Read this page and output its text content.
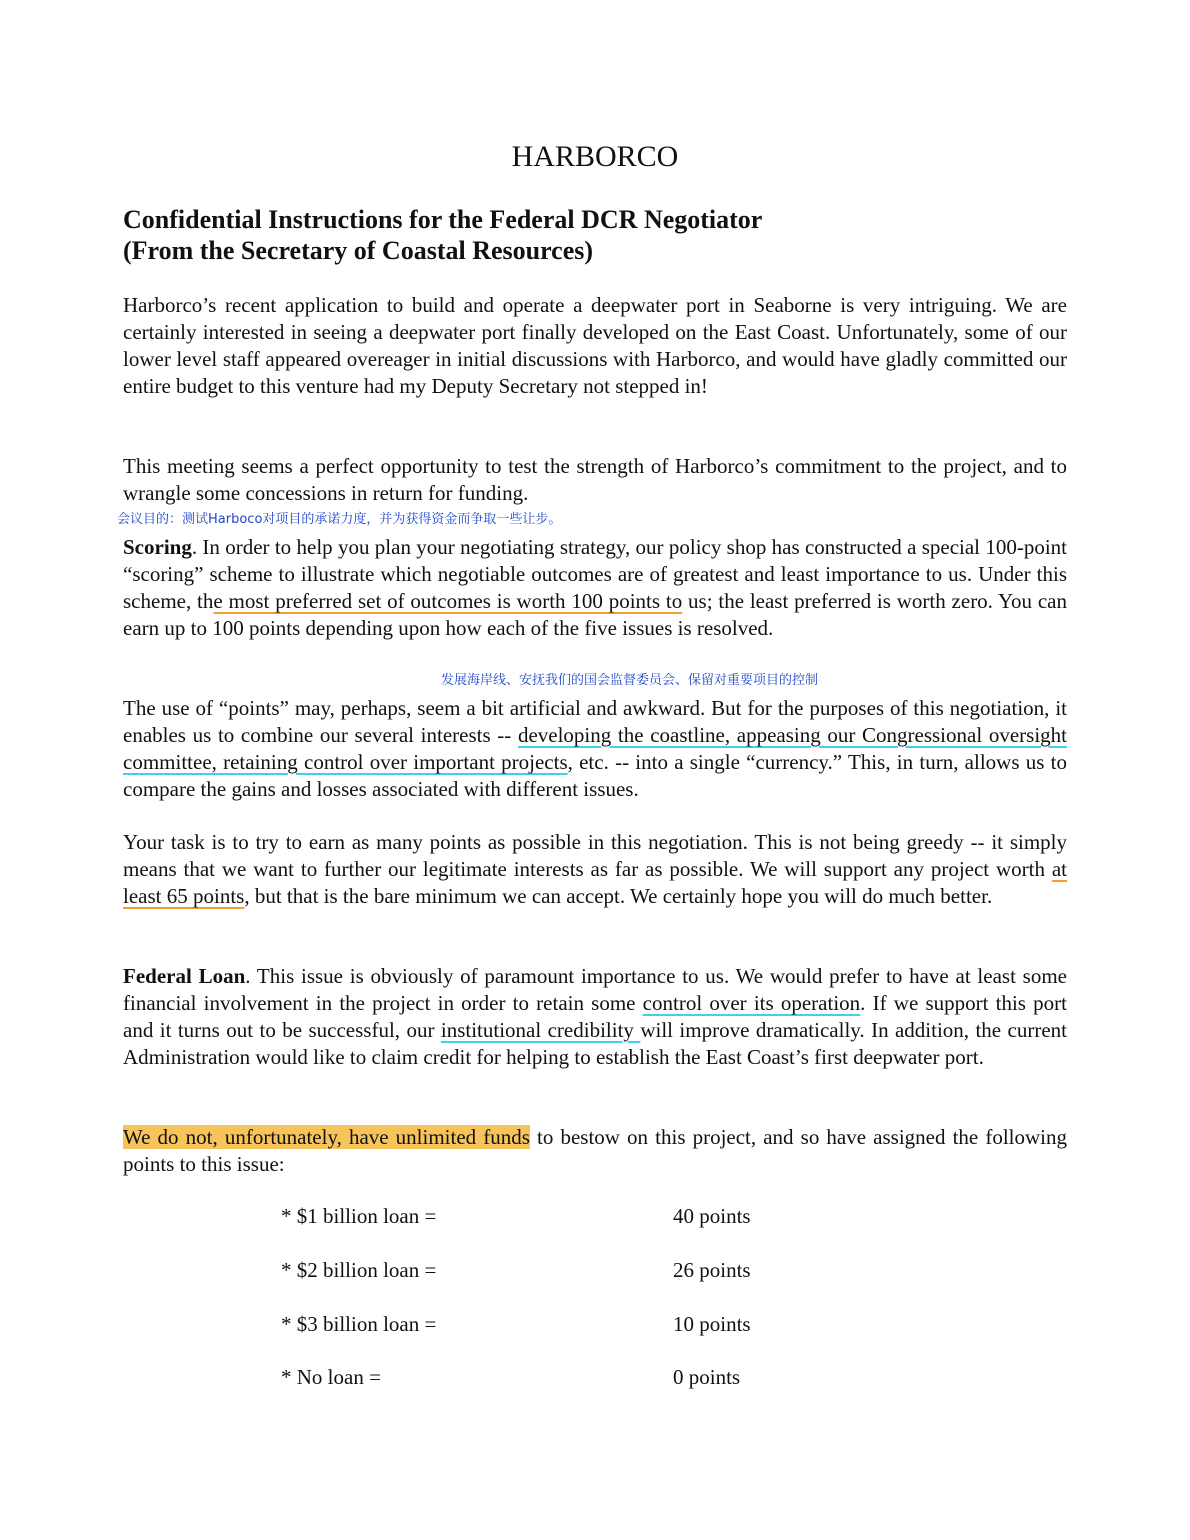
HARBORCO
Confidential Instructions for the Federal DCR Negotiator
(From the Secretary of Coastal Resources)

Harborco’s recent application to build and operate a deepwater port in Seaborne is very intriguing. We are certainly interested in seeing a deepwater port finally developed on the East Coast. Unfortunately, some of our lower level staff appeared overeager in initial discussions with Harborco, and would have gladly committed our entire budget to this venture had my Deputy Secretary not stepped in!

This meeting seems a perfect opportunity to test the strength of Harborco’s commitment to the project, and to wrangle some concessions in return for funding.

会议目的：测试Harboco对项目的承诺力度，并为获得资金而争取一些让步。

Scoring. In order to help you plan your negotiating strategy, our policy shop has constructed a special 100-point “scoring” scheme to illustrate which negotiable outcomes are of greatest and least importance to us. Under this scheme, the most preferred set of outcomes is worth 100 points to us; the least preferred is worth zero. You can earn up to 100 points depending upon how each of the five issues is resolved.

发展海岸线、安抚我们的国会监督委员会、保留对重要项目的控制

The use of “points” may, perhaps, seem a bit artificial and awkward. But for the purposes of this negotiation, it enables us to combine our several interests -- developing the coastline, appeasing our Congressional oversight committee, retaining control over important projects, etc. -- into a single “currency.” This, in turn, allows us to compare the gains and losses associated with different issues.

Your task is to try to earn as many points as possible in this negotiation. This is not being greedy -- it simply means that we want to further our legitimate interests as far as possible. We will support any project worth at least 65 points, but that is the bare minimum we can accept. We certainly hope you will do much better.

Federal Loan. This issue is obviously of paramount importance to us. We would prefer to have at least some financial involvement in the project in order to retain some control over its operation. If we support this port and it turns out to be successful, our institutional credibility will improve dramatically. In addition, the current Administration would like to claim credit for helping to establish the East Coast’s first deepwater port.

We do not, unfortunately, have unlimited funds to bestow on this project, and so have assigned the following points to this issue:

* $1 billion loan =	40 points
* $2 billion loan =	26 points
* $3 billion loan =	10 points
* No loan =	0 points
